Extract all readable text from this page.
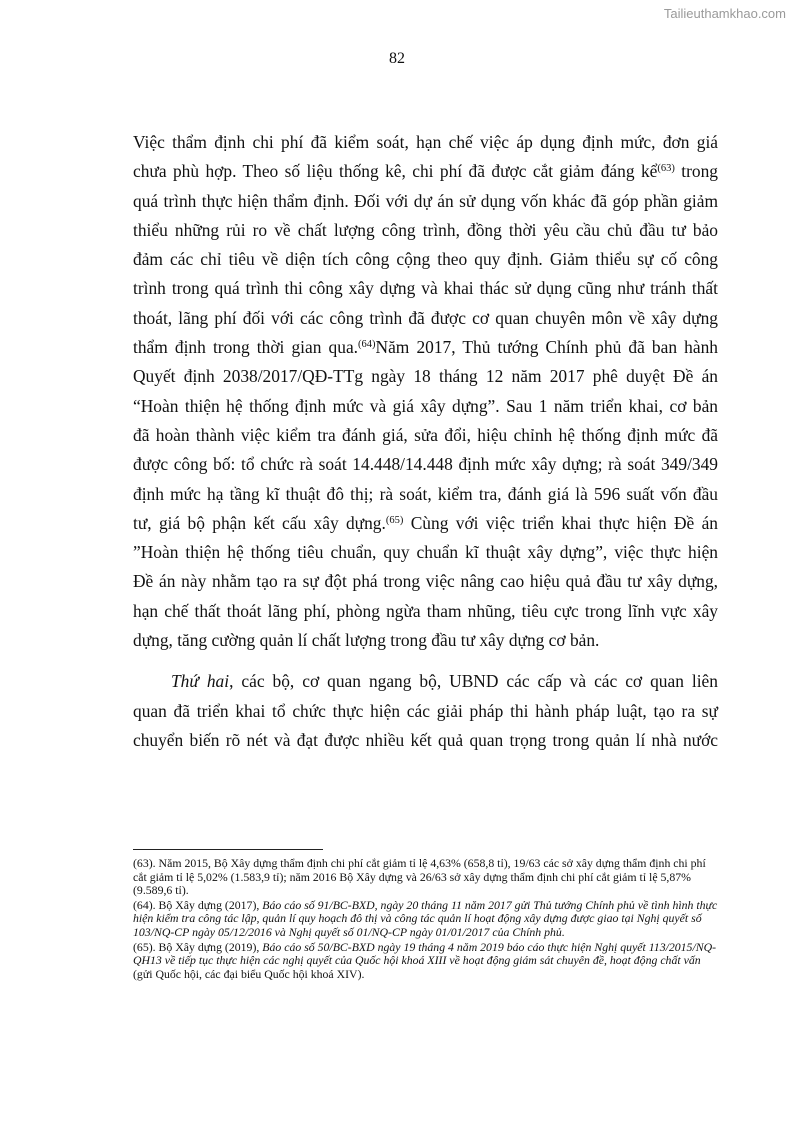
Tailieuthamkhao.com
82

Việc thẩm định chi phí đã kiểm soát, hạn chế việc áp dụng định mức, đơn giá
chưa phù hợp. Theo số liệu thống kê, chi phí đã được cắt giảm đáng kể$^{(63)}$ trong
quá trình thực hiện thẩm định. Đối với dự án sử dụng vốn khác đã góp phần giảm
thiểu những rủi ro về chất lượng công trình, đồng thời yêu cầu chủ đầu tư bảo
đảm các chỉ tiêu về diện tích công cộng theo quy định. Giảm thiểu sự cố công
trình trong quá trình thi công xây dựng và khai thác sử dụng cũng như tránh thất
thoát, lãng phí đối với các công trình đã được cơ quan chuyên môn về xây dựng
thẩm định trong thời gian qua.$^{(64)}$Năm 2017, Thủ tướng Chính phủ đã ban hành
Quyết định 2038/2017/QĐ-TTg ngày 18 tháng 12 năm 2017 phê duyệt Đề án
“Hoàn thiện hệ thống định mức và giá xây dựng”. Sau 1 năm triển khai, cơ bản
đã hoàn thành việc kiểm tra đánh giá, sửa đổi, hiệu chỉnh hệ thống định mức đã
được công bố: tổ chức rà soát 14.448/14.448 định mức xây dựng; rà soát 349/349
định mức hạ tầng kĩ thuật đô thị; rà soát, kiểm tra, đánh giá là 596 suất vốn đầu
tư, giá bộ phận kết cấu xây dựng.$^{(65)}$ Cùng với việc triển khai thực hiện Đề án
”Hoàn thiện hệ thống tiêu chuẩn, quy chuẩn kĩ thuật xây dựng”, việc thực hiện
Đề án này nhằm tạo ra sự đột phá trong việc nâng cao hiệu quả đầu tư xây dựng,
hạn chế thất thoát lãng phí, phòng ngừa tham nhũng, tiêu cực trong lĩnh vực xây
dựng, tăng cường quản lí chất lượng trong đầu tư xây dựng cơ bản.

Thứ hai, các bộ, cơ quan ngang bộ, UBND các cấp và các cơ quan liên
quan đã triển khai tổ chức thực hiện các giải pháp thi hành pháp luật, tạo ra sự
chuyển biến rõ nét và đạt được nhiều kết quả quan trọng trong quản lí nhà nước

(63). Năm 2015, Bộ Xây dựng thẩm định chi phí cắt giảm tỉ lệ 4,63% (658,8 tỉ), 19/63 các sở xây dựng thẩm định chi phí cắt giảm tỉ lệ 5,02% (1.583,9 tỉ); năm 2016 Bộ Xây dựng và 26/63 sở xây dựng thẩm định chi phí cắt giảm tỉ lệ 5,87% (9.589,6 tỉ).

(64). Bộ Xây dựng (2017), Báo cáo số 91/BC-BXD, ngày 20 tháng 11 năm 2017 gửi Thủ tướng Chính phủ về tình hình thực hiện kiểm tra công tác lập, quản lí quy hoạch đô thị và công tác quản lí hoạt động xây dựng được giao tại Nghị quyết số 103/NQ-CP ngày 05/12/2016 và Nghị quyết số 01/NQ-CP ngày 01/01/2017 của Chính phủ.

(65). Bộ Xây dựng (2019), Báo cáo số 50/BC-BXD ngày 19 tháng 4 năm 2019 báo cáo thực hiện Nghị quyết 113/2015/NQ-QH13 về tiếp tục thực hiện các nghị quyết của Quốc hội khoá XIII về hoạt động giám sát chuyên đề, hoạt động chất vấn (gửi Quốc hội, các đại biểu Quốc hội khoá XIV).
